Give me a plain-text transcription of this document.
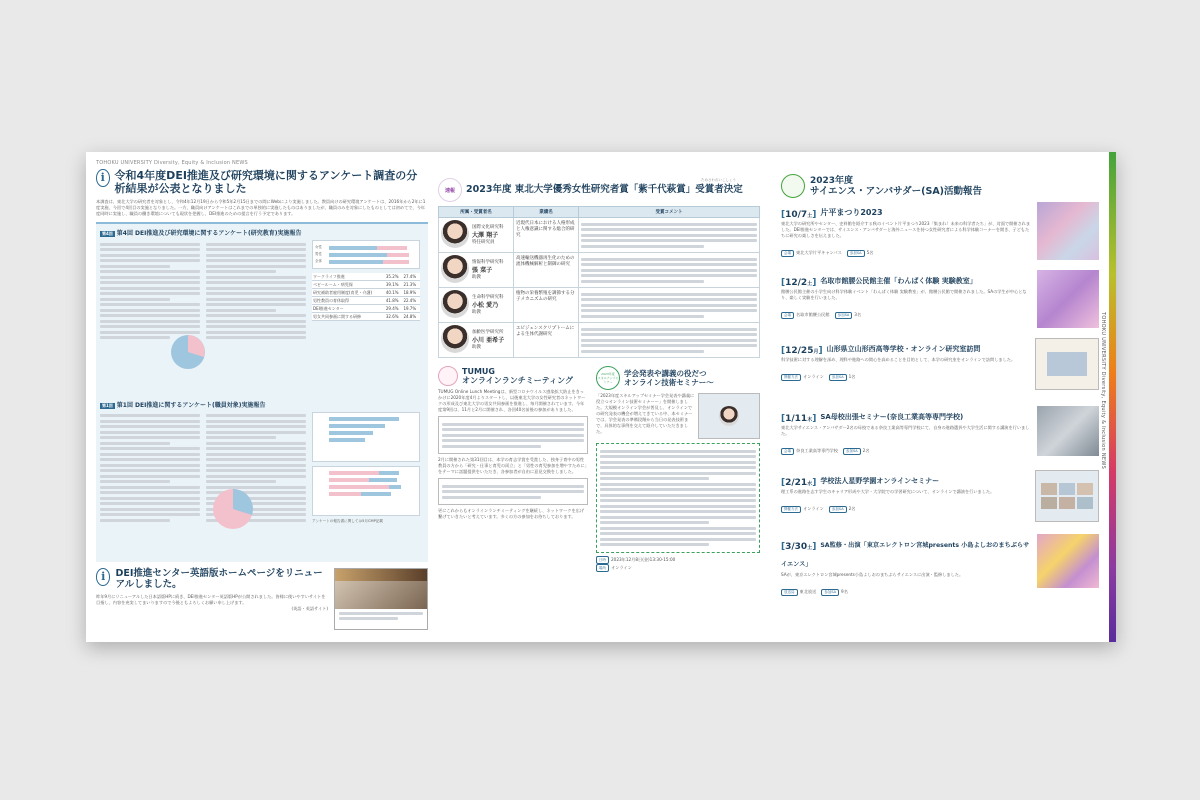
TOHOKU UNIVERSITY Diversity, Equity & Inclusion NEWS
i 令和4年度DEI推進及び研究環境に関するアンケート調査の分析結果が公表となりました
本調査は、東北大学の研究者を対象とし、令和4年12月19日から令和5年2月15日までの間にWebにより実施しました。教員向けの研究環境アンケートは、2016年から2年に1度実施、今回で4回目の実施となりました。一方、職員向けアンケートはこれまでの単独的に実施したものはありましたが、職員のみを対象にしたものとしては初めてで、今年度同時に実施し、職員の働き環境についても現状を把握し、DEI推進のための提言を行う予定であります。
第4回 第4回 DEI推進及び研究環境に関するアンケート(研究教育)実施報告
女性
男性
全体
ワークライフ推進	35.2%	27.4%
ベビールーム・病児保	39.1%	21.3%
研究補助者雇用制度(育児・介護)	40.1%	18.9%
男性教員の育休取得	41.8%	22.4%
DEI推進センター	29.4%	19.7%
男女共同参画に関する研修	32.6%	24.8%
第1回 第1回 DEI推進に関するアンケート(職員対象)実施報告
アンケートの報告書に関しては5月CMP記載
i	DEI推進センター英語版ホームページをリニューアルしました。
昨年9月にリニューアルした日本語版HPに続き、DEI推進センター英語版HPが公開されました。皆様に使いやすいサイトを目指し、内容を充実してまいりますので今後ともよろしくお願い申し上げます。
(英語・英語サイト)
速報
ためさわれいこしょう
2023年度 東北大学優秀女性研究者賞「紫千代萩賞」受賞者決定
所属・受賞者名	業績名	受賞コメント

国際文化研究科
大澤 翔子
特任研究員	近現代日本における人格形成と人権意識に関する総合的研究	

情報科学研究科
張 菜子
助教	高速輸送機器再生化のための流体機械解析と制御の研究	

生命科学研究科
小松 愛乃
助教	植物の栄養繁殖を調節する分子メカニズムの研究	

加齢医学研究所
小川 亜希子
助教	エピジェンスクリプトームによる生体代謝研究	
TUMUG
オンラインランチミーティング
TUMUG Online Lunch Meetingは、新型コロナウイルス感染拡大防止をきっかけに2020年度4月よりスタートし、以後東北大学の女性研究者のネットワークの形成及び東北大学の男女共同参画を推進し、毎月開催されています。今年度第9回は、11月と2月に開催され、各回40名前後の参加がありました。
2月に開催された第31回目は、本学の育志学賞を受賞した、独身子育中の男性教員の方から「研究・仕事と育児の両立」と「男性の育児参加を増やすために」をテーマに話題提供をいただき、各参加者が自由に意見交換をしました。
更にこれからもオンラインランチミーティングを継続し、ネットワークを広げ繋げていきたいと考えています。多くの方の参加をお待ちしております。
2023年度
スキルアップセミナー
学会発表や講義の役だつ
オンライン技術セミナー～
「2023年度スキルアップセミナー学会発表や講義に役立つオンライン技術セミナー～」を開催しました。大規模オンライン学会が普及し、オンラインでの研究発表の機会が増えてきている中、本セミナーでは、学会発表の準備段階から当日の発表技術まで、具体的な事例を交えて紹介していただきました。
日時 2023年12月8日(金)13:30-15:00
場所 オンライン
2023年度
サイエンス・アンバサダー(SA)活動報告
[10/7土] 片平まつり2023
東北大学の研究所やセンター、史料館を紹介する秋のイベント片平まつり2023「集まれ！未来の科学者たち」が、対面で開催されました。DEI推進センターでは、サイエンス・アンバサダーと海外ニュースを持つ女性研究者による科学体験コーナーを開き、子どもたちに研究の楽しさを伝えました。
会場 東北大学片平キャンパス 参加SA 5名
[12/2土] 名取市館腰公民館主催「わんぱく体験 実験教室」
館腰公民館主催の小学生向け科学体験イベント「わんぱく体験 実験教室」が、館腰公民館で開催されました。SAの学生が中心となり、楽しく実験を行いました。
会場 名取市館腰公民館 参加SA 3名
[12/25月] 山形県立山形西高等学校・オンライン研究室訪問
科学技術に対する理解を深め、理科や進路への関心を高めることを目的として、本学の研究室をオンラインで訪問しました。
開催方法 オンライン 参加SA 1名
[1/11木] SA母校出張セミナー(奈良工業高等専門学校)
東北大学サイエンス・アンバサダー2名の母校である奈良工業高等専門学校にて、自身の進路選択や大学生活に関する講演を行いました。
会場 奈良工業高等専門学校 参加SA 2名
[2/21水] 学校法人星野学園オンラインセミナー
理工系の進路を志す学生のキャリア形成や大学・大学院での学習研究について、オンラインで講演を行いました。
開催方法 オンライン 参加SA 2名
[3/30土] SA監修・出演「東京エレクトロン宮城presents 小島よしおのまちぶらサイエンス」
SAが、東京エレクトロン宮城presents小島よしおのまちぶらサイエンスに出演・監修しました。
放送局 東北放送 参加SA 9名
TOHOKU UNIVERSITY Diversity, Equity & Inclusion NEWS
